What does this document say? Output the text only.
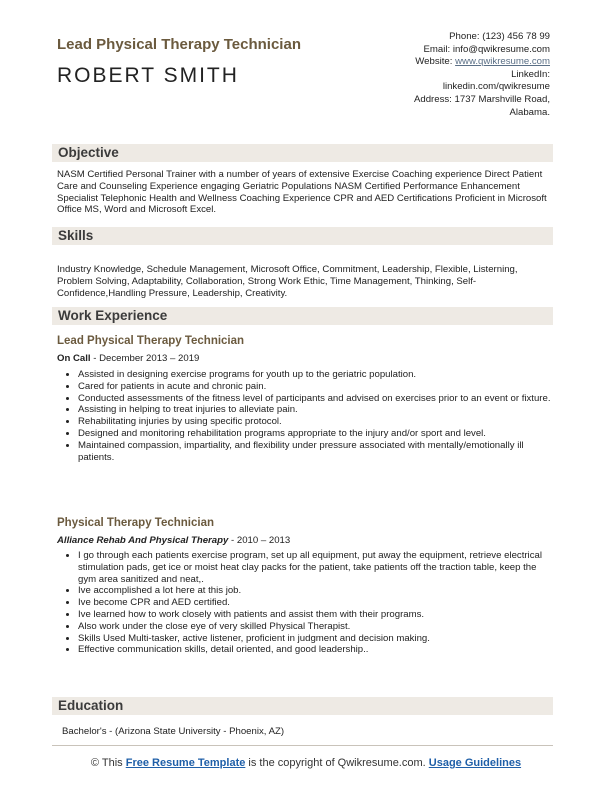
Lead Physical Therapy Technician
ROBERT SMITH
Phone: (123) 456 78 99
Email: info@qwikresume.com
Website: www.qwikresume.com
LinkedIn:
linkedin.com/qwikresume
Address: 1737 Marshville Road,
Alabama.
Objective
NASM Certified Personal Trainer with a number of years of extensive Exercise Coaching experience Direct Patient Care and Counseling Experience engaging Geriatric Populations NASM Certified Performance Enhancement Specialist Telephonic Health and Wellness Coaching Experience CPR and AED Certifications Proficient in Microsoft Office MS, Word and Microsoft Excel.
Skills
Industry Knowledge, Schedule Management, Microsoft Office, Commitment, Leadership, Flexible, Listerning, Problem Solving, Adaptability, Collaboration, Strong Work Ethic, Time Management, Thinking, Self-Confidence,Handling Pressure, Leadership, Creativity.
Work Experience
Lead Physical Therapy Technician
On Call - December 2013 – 2019
• Assisted in designing exercise programs for youth up to the geriatric population.
• Cared for patients in acute and chronic pain.
• Conducted assessments of the fitness level of participants and advised on exercises prior to an event or fixture.
• Assisting in helping to treat injuries to alleviate pain.
• Rehabilitating injuries by using specific protocol.
• Designed and monitoring rehabilitation programs appropriate to the injury and/or sport and level.
• Maintained compassion, impartiality, and flexibility under pressure associated with mentally/emotionally ill patients.
Physical Therapy Technician
Alliance Rehab And Physical Therapy - 2010 – 2013
• I go through each patients exercise program, set up all equipment, put away the equipment, retrieve electrical stimulation pads, get ice or moist heat clay packs for the patient, take patients off the traction table, keep the gym area sanitized and neat,.
• Ive accomplished a lot here at this job.
• Ive become CPR and AED certified.
• Ive learned how to work closely with patients and assist them with their programs.
• Also work under the close eye of very skilled Physical Therapist.
• Skills Used Multi-tasker, active listener, proficient in judgment and decision making.
• Effective communication skills, detail oriented, and good leadership..
Education
Bachelor's - (Arizona State University - Phoenix, AZ)
© This Free Resume Template is the copyright of Qwikresume.com. Usage Guidelines
